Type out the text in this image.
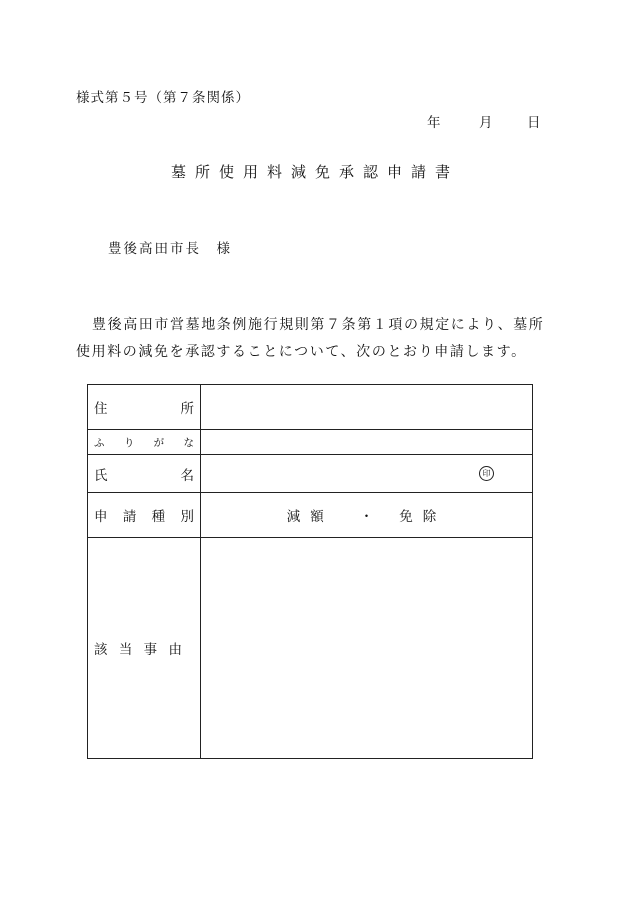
様式第５号（第７条関係）
年	月	日
墓所使用料減免承認申請書
豊後高田市長　様

豊後高田市営墓地条例施行規則第７条第１項の規定により、墓所

使用料の減免を承認することについて、次のとおり申請します。

住 所	

ふ り が な	

氏 名	印

申 請 種 別	減額 ・ 免除

該 当 事 由	
